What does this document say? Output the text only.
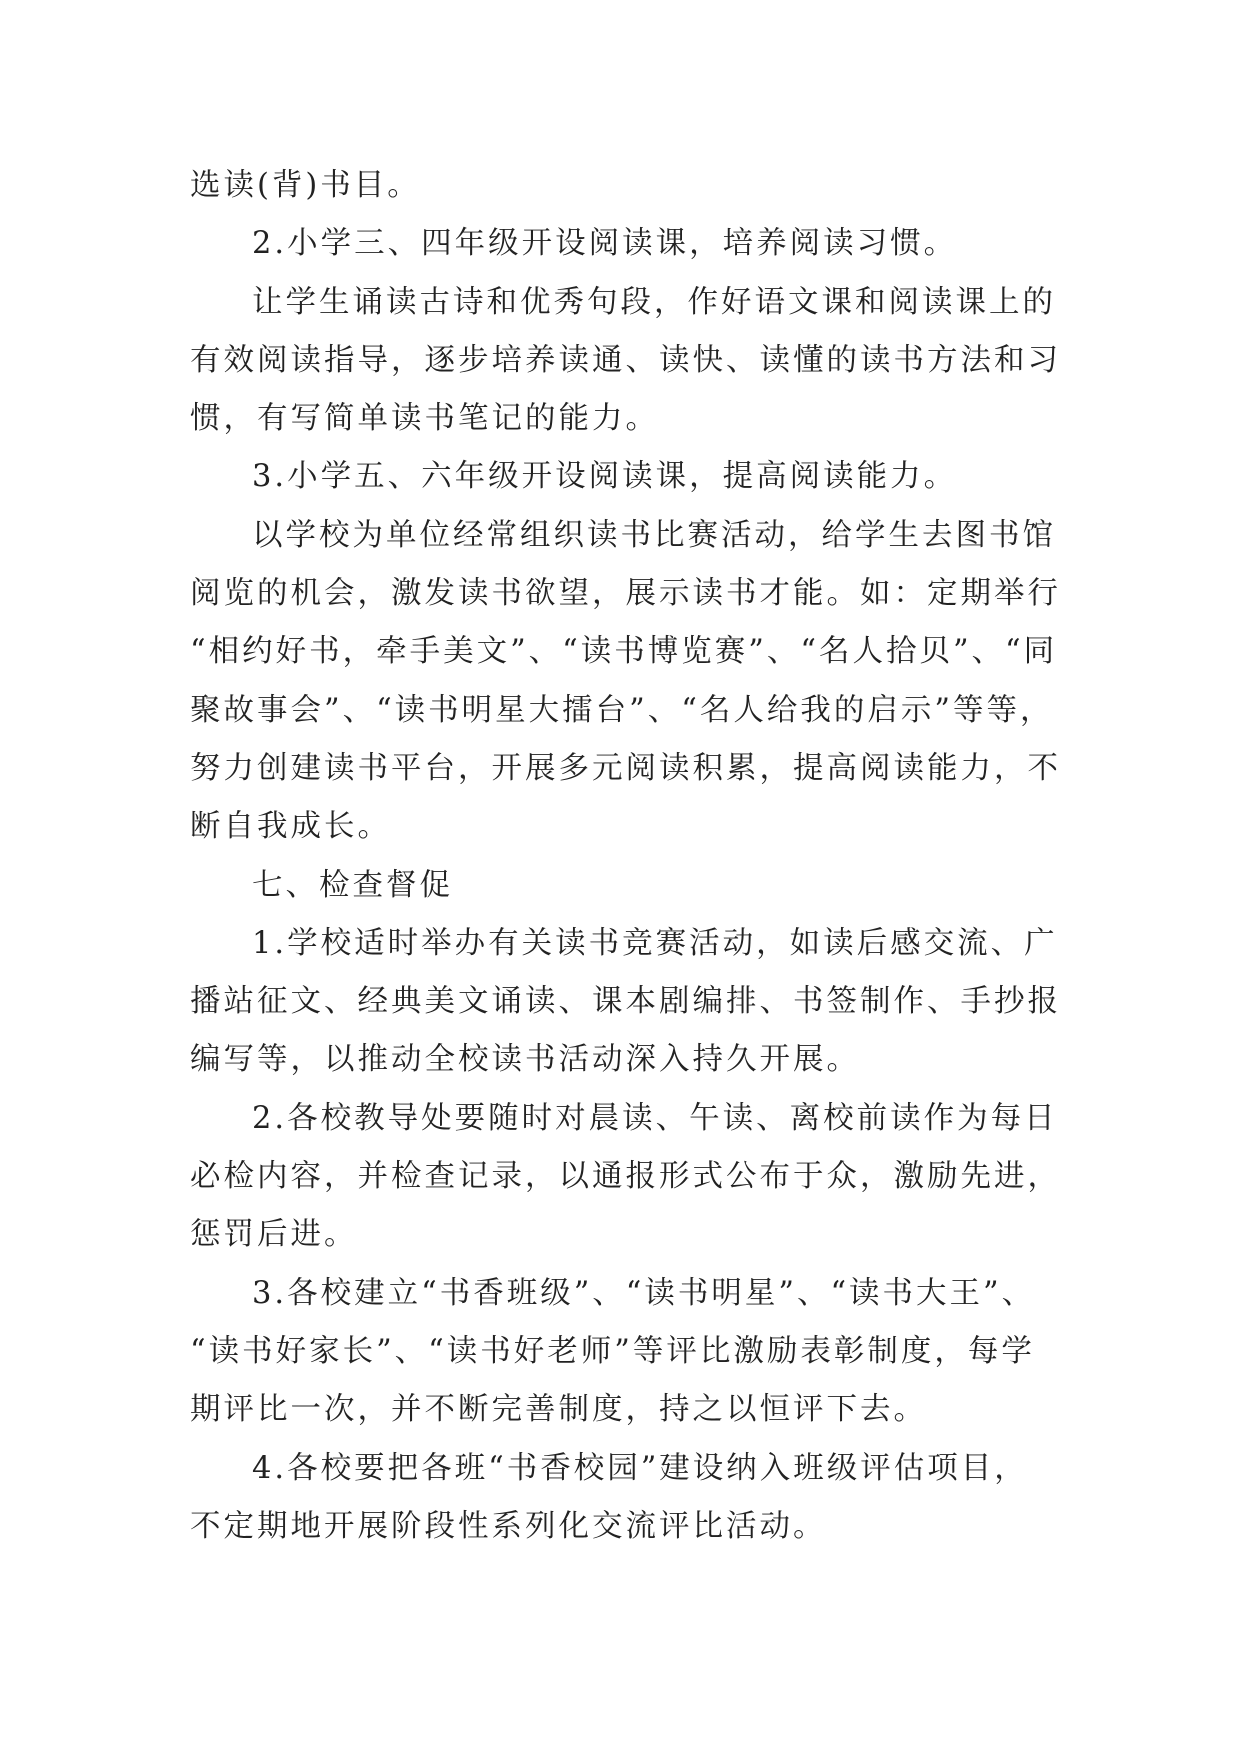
选读(背)书目。
2.小学三、四年级开设阅读课，培养阅读习惯。
让学生诵读古诗和优秀句段，作好语文课和阅读课上的
有效阅读指导，逐步培养读通、读快、读懂的读书方法和习
惯，有写简单读书笔记的能力。
3.小学五、六年级开设阅读课，提高阅读能力。
以学校为单位经常组织读书比赛活动，给学生去图书馆
阅览的机会，激发读书欲望，展示读书才能。如：定期举行
“相约好书，牵手美文”、“读书博览赛”、“名人拾贝”、“同
聚故事会”、“读书明星大擂台”、“名人给我的启示”等等，
努力创建读书平台，开展多元阅读积累，提高阅读能力，不
断自我成长。
七、检查督促
1.学校适时举办有关读书竞赛活动，如读后感交流、广
播站征文、经典美文诵读、课本剧编排、书签制作、手抄报
编写等，以推动全校读书活动深入持久开展。
2.各校教导处要随时对晨读、午读、离校前读作为每日
必检内容，并检查记录，以通报形式公布于众，激励先进，
惩罚后进。
3.各校建立“书香班级”、“读书明星”、“读书大王”、
“读书好家长”、“读书好老师”等评比激励表彰制度，每学
期评比一次，并不断完善制度，持之以恒评下去。
4.各校要把各班“书香校园”建设纳入班级评估项目，
不定期地开展阶段性系列化交流评比活动。
